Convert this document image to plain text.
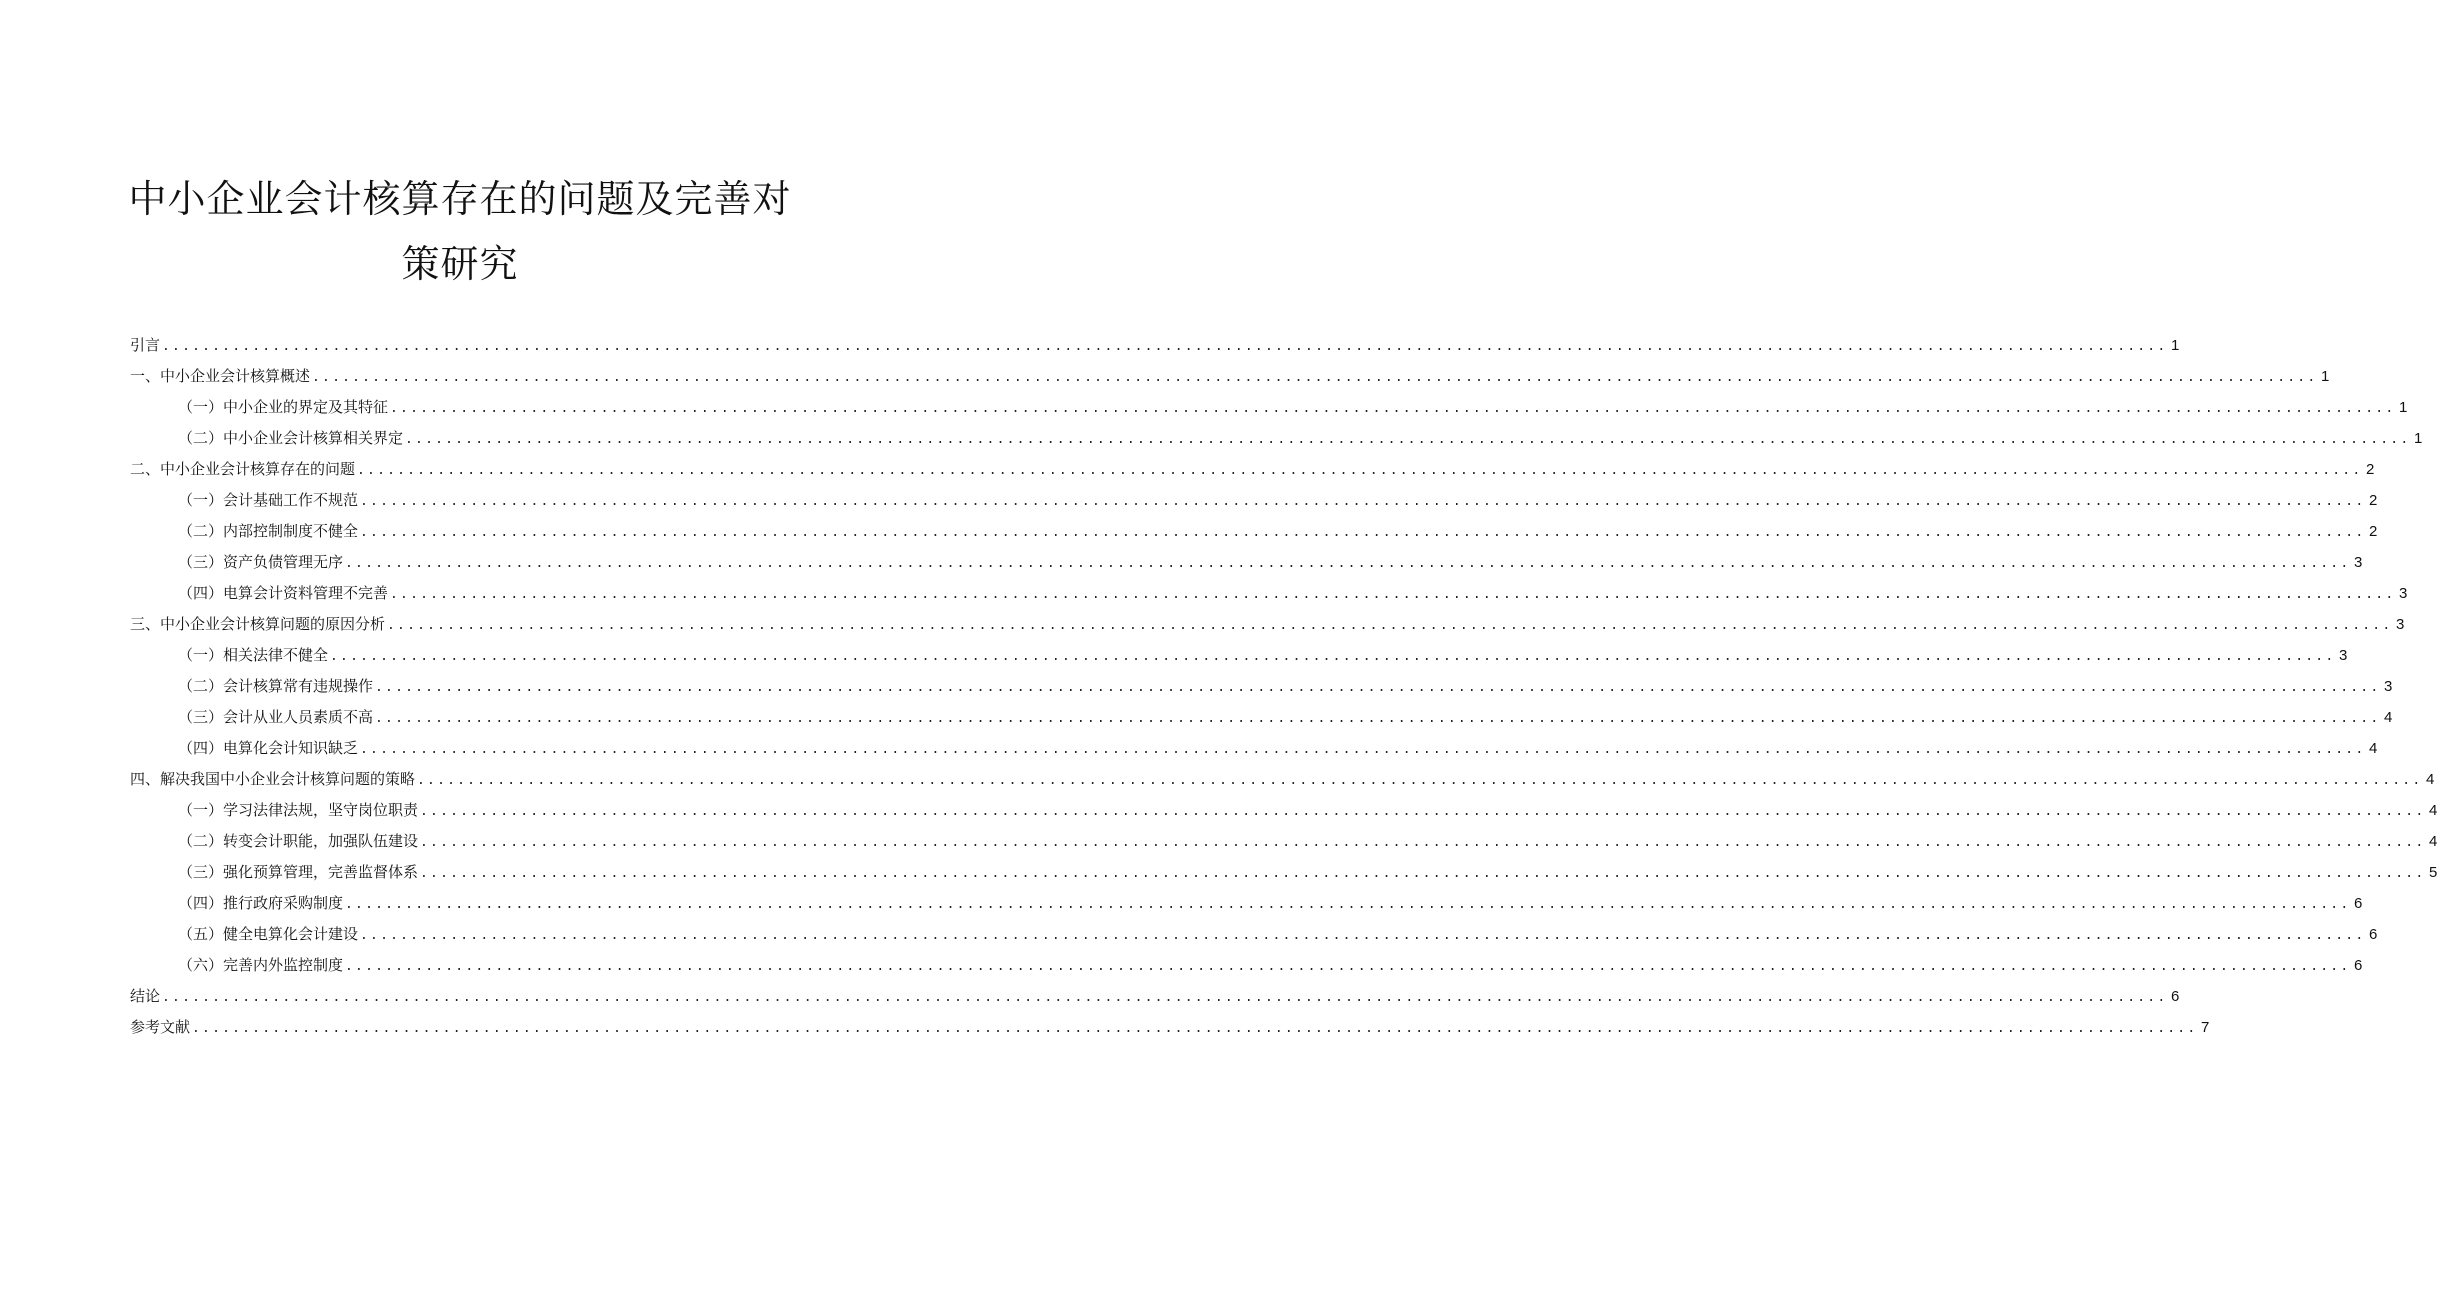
中小企业会计核算存在的问题及完善对
策研究
引言 ........................................................................................................................................................................................................ 1
一、中小企业会计核算概述 ........................................................................................................................................................................................................ 1
（一）中小企业的界定及其特征 ........................................................................................................................................................................................................ 1
（二）中小企业会计核算相关界定 ........................................................................................................................................................................................................ 1
二、中小企业会计核算存在的问题 ........................................................................................................................................................................................................ 2
（一）会计基础工作不规范 ........................................................................................................................................................................................................ 2
（二）内部控制制度不健全 ........................................................................................................................................................................................................ 2
（三）资产负债管理无序 ........................................................................................................................................................................................................ 3
（四）电算会计资料管理不完善 ........................................................................................................................................................................................................ 3
三、中小企业会计核算问题的原因分析 ........................................................................................................................................................................................................ 3
（一）相关法律不健全 ........................................................................................................................................................................................................ 3
（二）会计核算常有违规操作 ........................................................................................................................................................................................................ 3
（三）会计从业人员素质不高 ........................................................................................................................................................................................................ 4
（四）电算化会计知识缺乏 ........................................................................................................................................................................................................ 4
四、解决我国中小企业会计核算问题的策略 ........................................................................................................................................................................................................ 4
（一）学习法律法规，坚守岗位职责 ........................................................................................................................................................................................................ 4
（二）转变会计职能，加强队伍建设 ........................................................................................................................................................................................................ 4
（三）强化预算管理，完善监督体系 ........................................................................................................................................................................................................ 5
（四）推行政府采购制度 ........................................................................................................................................................................................................ 6
（五）健全电算化会计建设 ........................................................................................................................................................................................................ 6
（六）完善内外监控制度 ........................................................................................................................................................................................................ 6
结论 ........................................................................................................................................................................................................ 6
参考文献 ........................................................................................................................................................................................................ 7
